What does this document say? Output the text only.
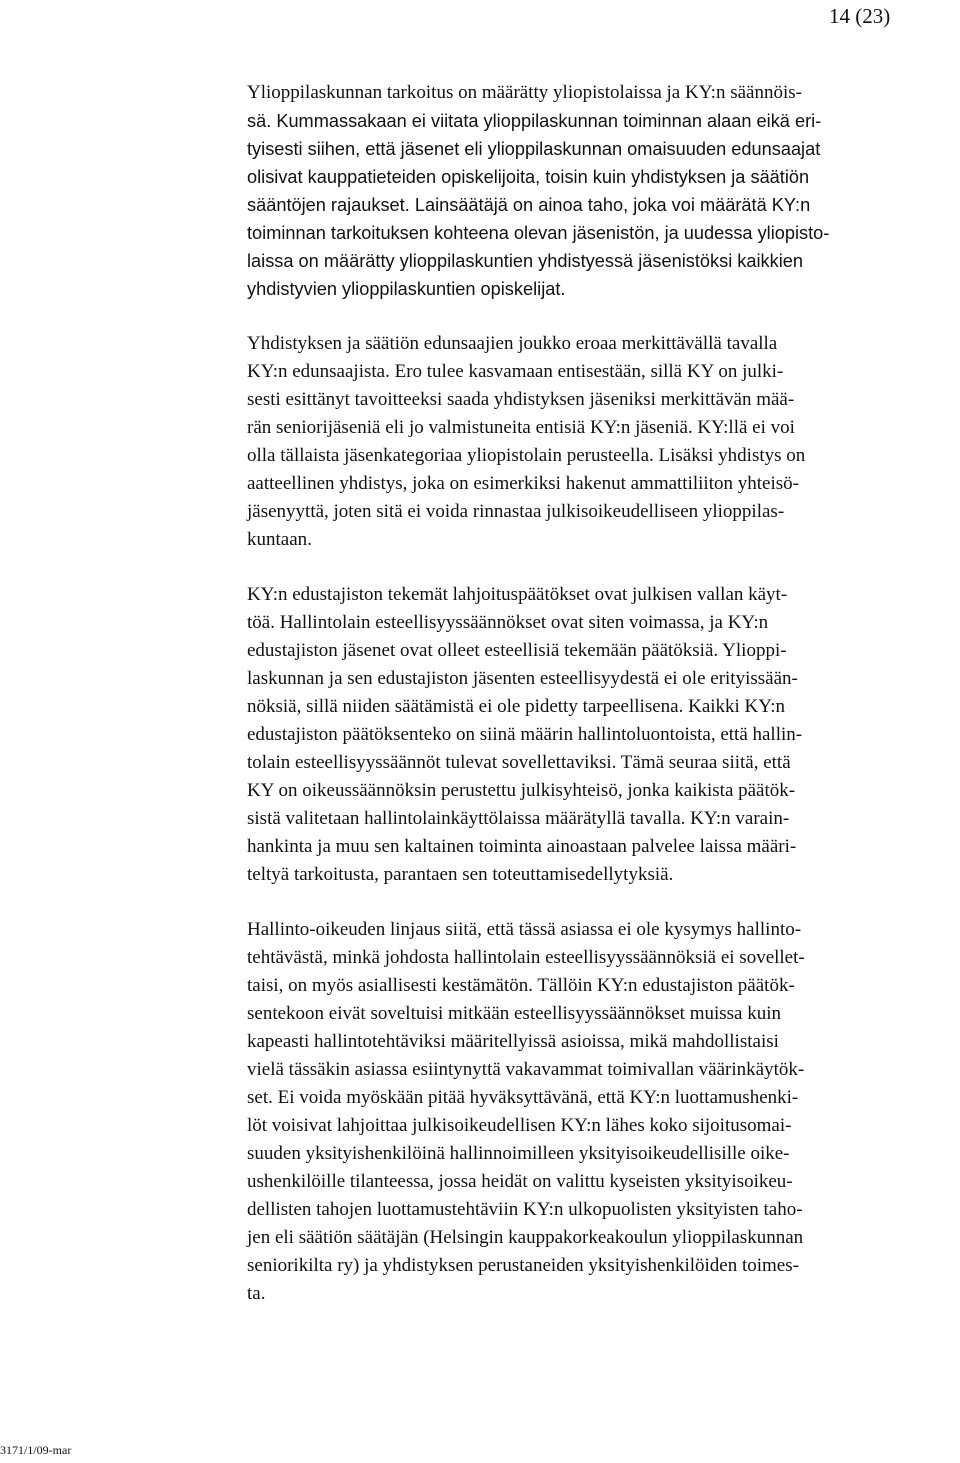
14 (23)
Ylioppilaskunnan tarkoitus on määrätty yliopistolaissa ja KY:n säännöis-
sä. Kummassakaan ei viitata ylioppilaskunnan toiminnan alaan eikä eri-
tyisesti siihen, että jäsenet eli ylioppilaskunnan omaisuuden edunsaajat
olisivat kauppatieteiden opiskelijoita, toisin kuin yhdistyksen ja säätiön
sääntöjen rajaukset. Lainsäätäjä on ainoa taho, joka voi määrätä KY:n
toiminnan tarkoituksen kohteena olevan jäsenistön, ja uudessa yliopisto-
laissa on määrätty ylioppilaskuntien yhdistyessä jäsenistöksi kaikkien
yhdistyvien ylioppilaskuntien opiskelijat.
Yhdistyksen ja säätiön edunsaajien joukko eroaa merkittävällä tavalla
KY:n edunsaajista. Ero tulee kasvamaan entisestään, sillä KY on julki-
sesti esittänyt tavoitteeksi saada yhdistyksen jäseniksi merkittävän mää-
rän seniorijäseniä eli jo valmistuneita entisiä KY:n jäseniä. KY:llä ei voi
olla tällaista jäsenkategoriaa yliopistolain perusteella. Lisäksi yhdistys on
aatteellinen yhdistys, joka on esimerkiksi hakenut ammattiliiton yhteisö-
jäsenyyttä, joten sitä ei voida rinnastaa julkisoikeudelliseen ylioppilas-
kuntaan.
KY:n edustajiston tekemät lahjoituspäätökset ovat julkisen vallan käyt-
töä. Hallintolain esteellisyyssäännökset ovat siten voimassa, ja KY:n
edustajiston jäsenet ovat olleet esteellisiä tekemään päätöksiä. Ylioppi-
laskunnan ja sen edustajiston jäsenten esteellisyydestä ei ole erityissään-
nöksiä, sillä niiden säätämistä ei ole pidetty tarpeellisena. Kaikki KY:n
edustajiston päätöksenteko on siinä määrin hallintoluontoista, että hallin-
tolain esteellisyyssäännöt tulevat sovellettaviksi. Tämä seuraa siitä, että
KY on oikeussäännöksin perustettu julkisyhteisö, jonka kaikista päätök-
sistä valitetaan hallintolainkäyttölaissa määrätyllä tavalla. KY:n varain-
hankinta ja muu sen kaltainen toiminta ainoastaan palvelee laissa määri-
teltyä tarkoitusta, parantaen sen toteuttamisedellytyksiä.
Hallinto-oikeuden linjaus siitä, että tässä asiassa ei ole kysymys hallinto-
tehtävästä, minkä johdosta hallintolain esteellisyyssäännöksiä ei sovellet-
taisi, on myös asiallisesti kestämätön. Tällöin KY:n edustajiston päätök-
sentekoon eivät soveltuisi mitkään esteellisyyssäännökset muissa kuin
kapeasti hallintotehtäviksi määritellyissä asioissa, mikä mahdollistaisi
vielä tässäkin asiassa esiintynyttä vakavammat toimivallan väärinkäytök-
set. Ei voida myöskään pitää hyväksyttävänä, että KY:n luottamushenki-
löt voisivat lahjoittaa julkisoikeudellisen KY:n lähes koko sijoitusomai-
suuden yksityishenkilöinä hallinnoimilleen yksityisoikeudellisille oike-
ushenkilöille tilanteessa, jossa heidät on valittu kyseisten yksityisoikeu-
dellisten tahojen luottamustehtäviin KY:n ulkopuolisten yksityisten taho-
jen eli säätiön säätäjän (Helsingin kauppakorkeakoulun ylioppilaskunnan
seniorikilta ry) ja yhdistyksen perustaneiden yksityishenkilöiden toimes-
ta.
3171/1/09-mar
